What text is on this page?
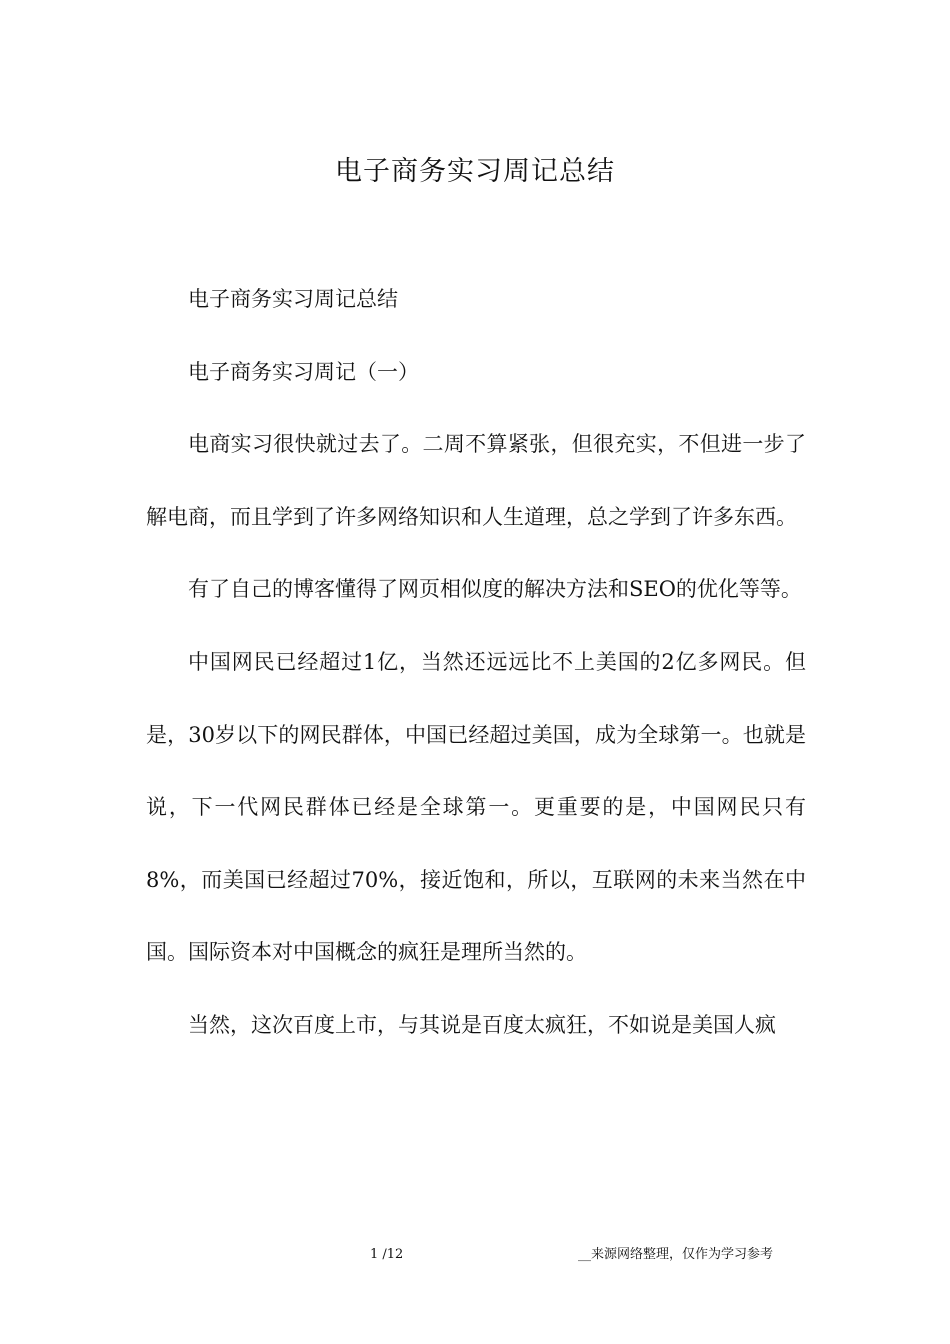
电子商务实习周记总结

电子商务实习周记总结

电子商务实习周记（一）

电商实习很快就过去了。二周不算紧张，但很充实，不但进一步了解电商，而且学到了许多网络知识和人生道理，总之学到了许多东西。

有了自己的博客懂得了网页相似度的解决方法和SEO的优化等等。

中国网民已经超过1亿，当然还远远比不上美国的2亿多网民。但是，30岁以下的网民群体，中国已经超过美国，成为全球第一。也就是说，下一代网民群体已经是全球第一。更重要的是，中国网民只有8%，而美国已经超过70%，接近饱和，所以，互联网的未来当然在中国。国际资本对中国概念的疯狂是理所当然的。

当然，这次百度上市，与其说是百度太疯狂，不如说是美国人疯

1 /12	__来源网络整理，仅作为学习参考
